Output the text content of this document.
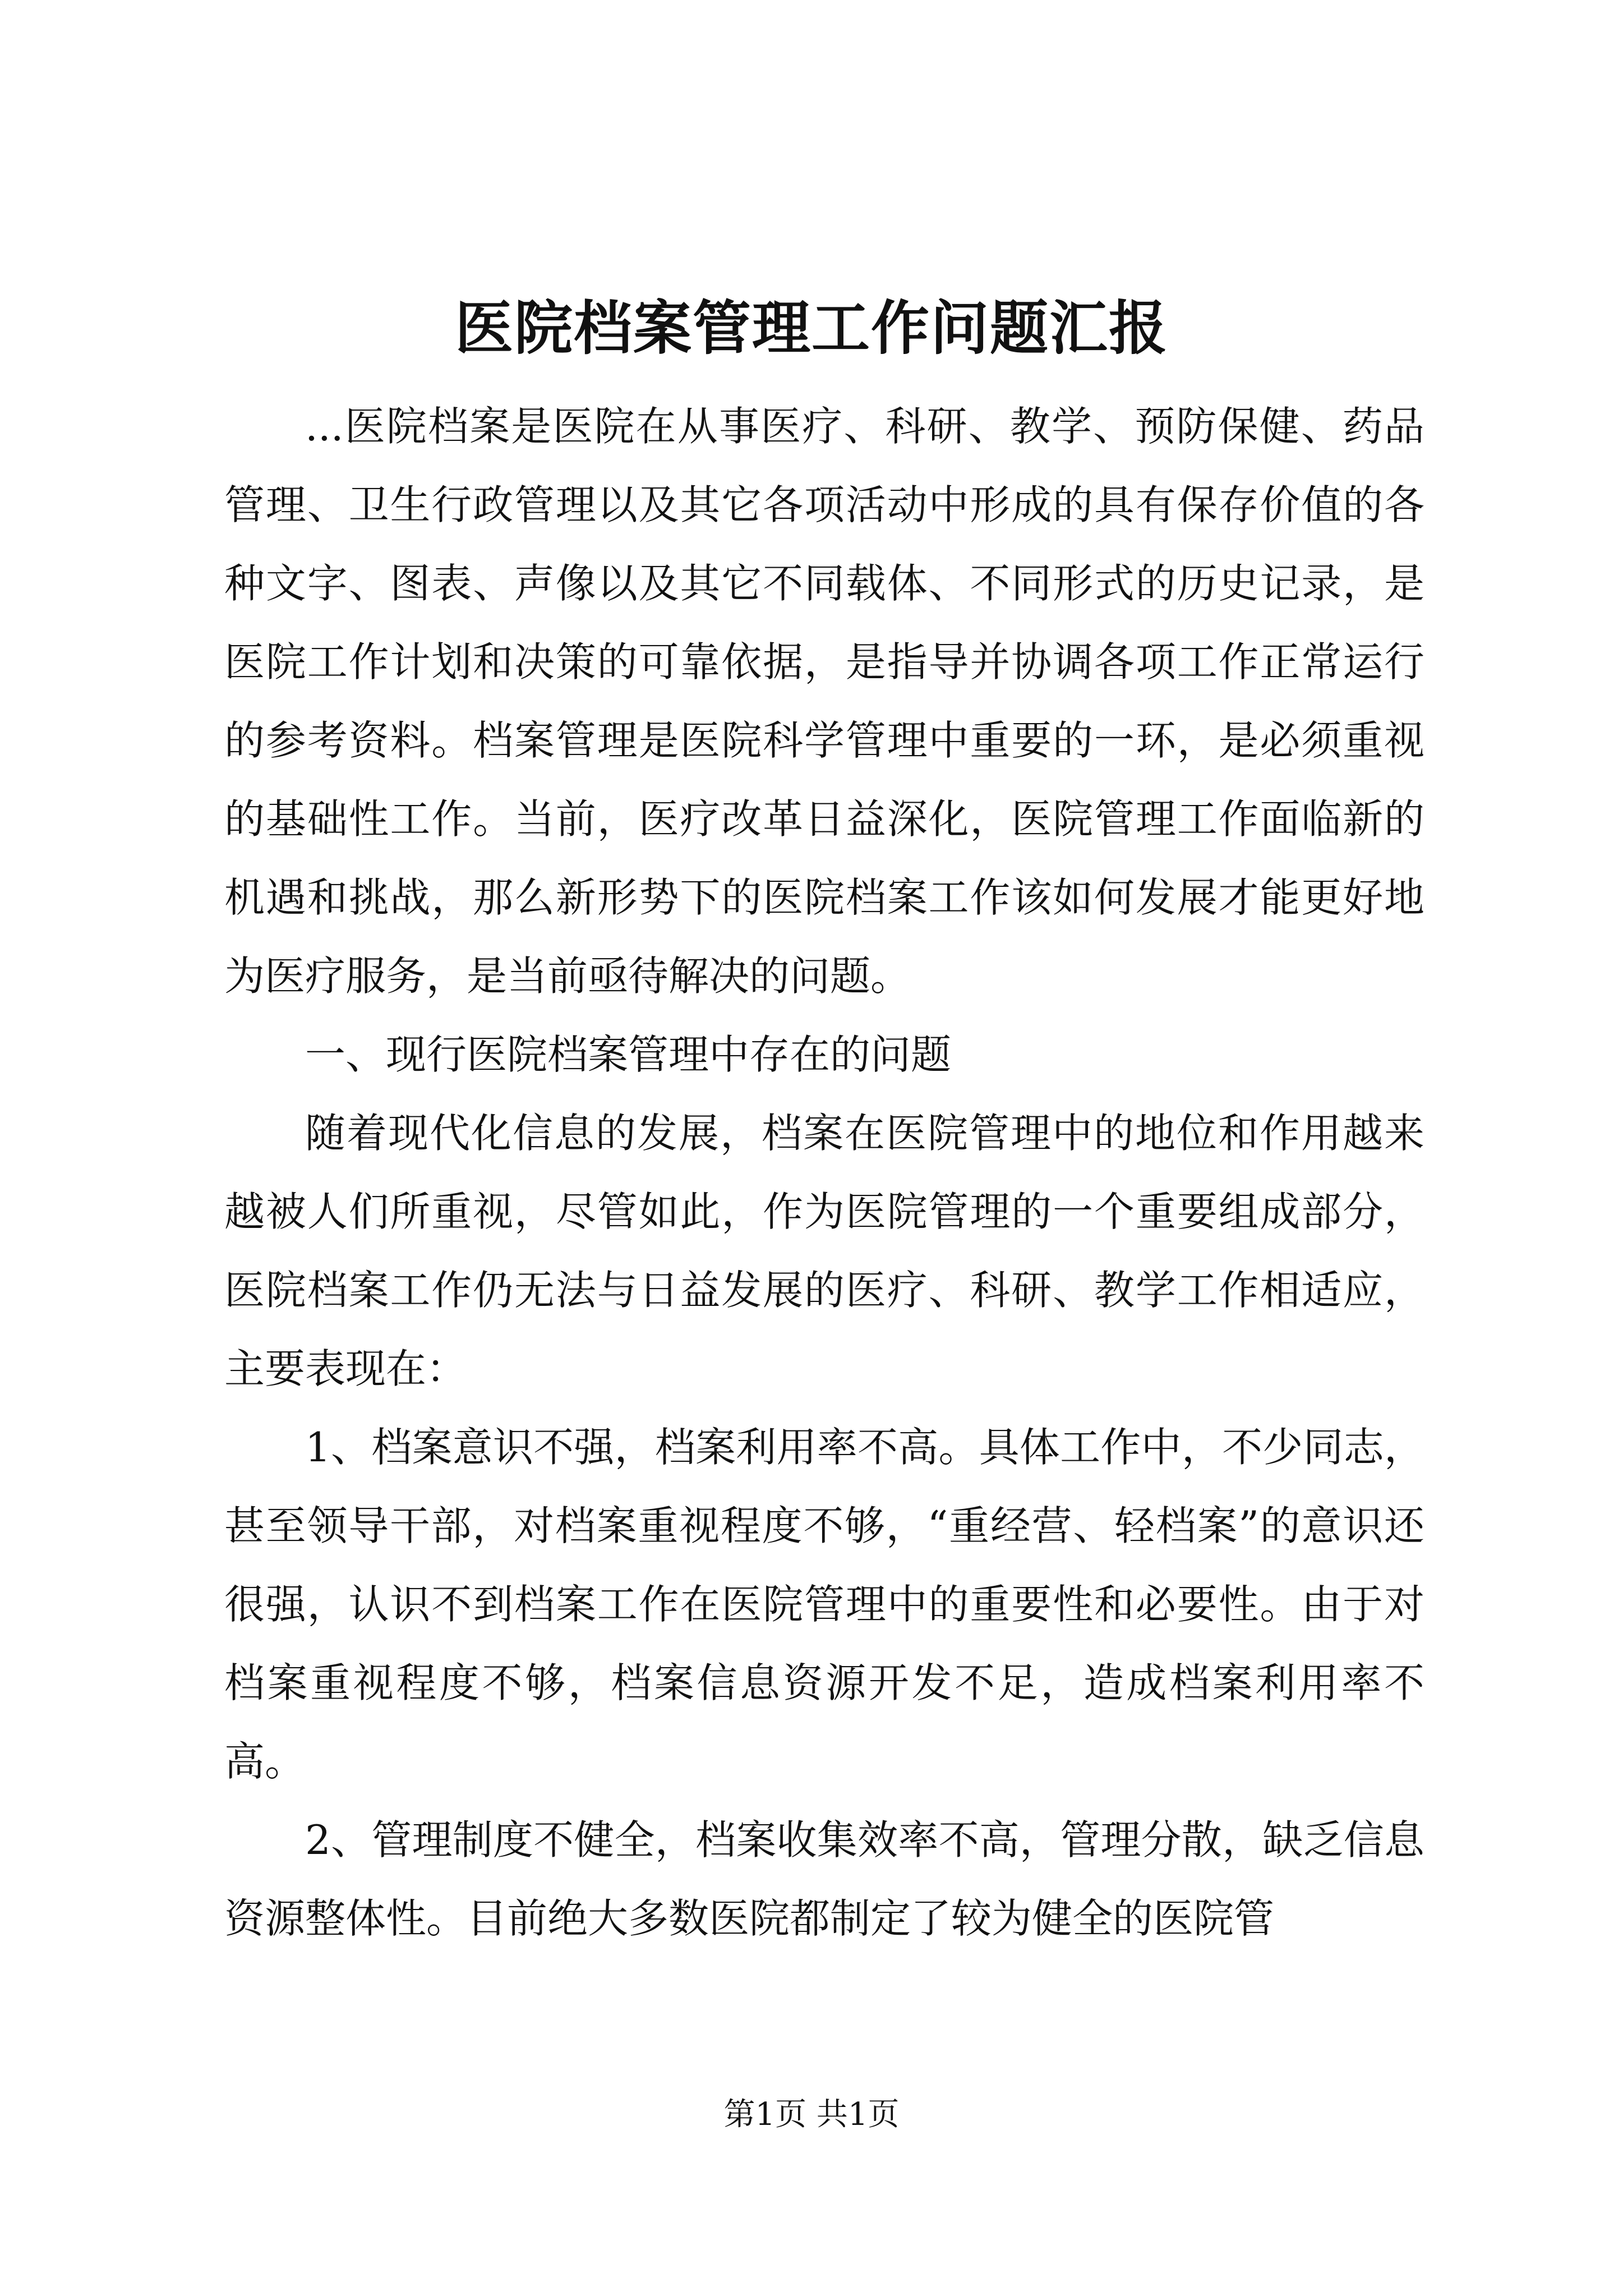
医院档案管理工作问题汇报

...医院档案是医院在从事医疗、科研、教学、预防保健、药品管理、卫生行政管理以及其它各项活动中形成的具有保存价值的各种文字、图表、声像以及其它不同载体、不同形式的历史记录，是医院工作计划和决策的可靠依据，是指导并协调各项工作正常运行的参考资料。档案管理是医院科学管理中重要的一环，是必须重视的基础性工作。当前，医疗改革日益深化，医院管理工作面临新的机遇和挑战，那么新形势下的医院档案工作该如何发展才能更好地为医疗服务，是当前亟待解决的问题。

一、现行医院档案管理中存在的问题

随着现代化信息的发展，档案在医院管理中的地位和作用越来越被人们所重视，尽管如此，作为医院管理的一个重要组成部分，医院档案工作仍无法与日益发展的医疗、科研、教学工作相适应，主要表现在：

1、档案意识不强，档案利用率不高。具体工作中，不少同志，甚至领导干部，对档案重视程度不够，“重经营、轻档案”的意识还很强，认识不到档案工作在医院管理中的重要性和必要性。由于对档案重视程度不够，档案信息资源开发不足，造成档案利用率不高。

2、管理制度不健全，档案收集效率不高，管理分散，缺乏信息资源整体性。目前绝大多数医院都制定了较为健全的医院管

第1页 共1页
